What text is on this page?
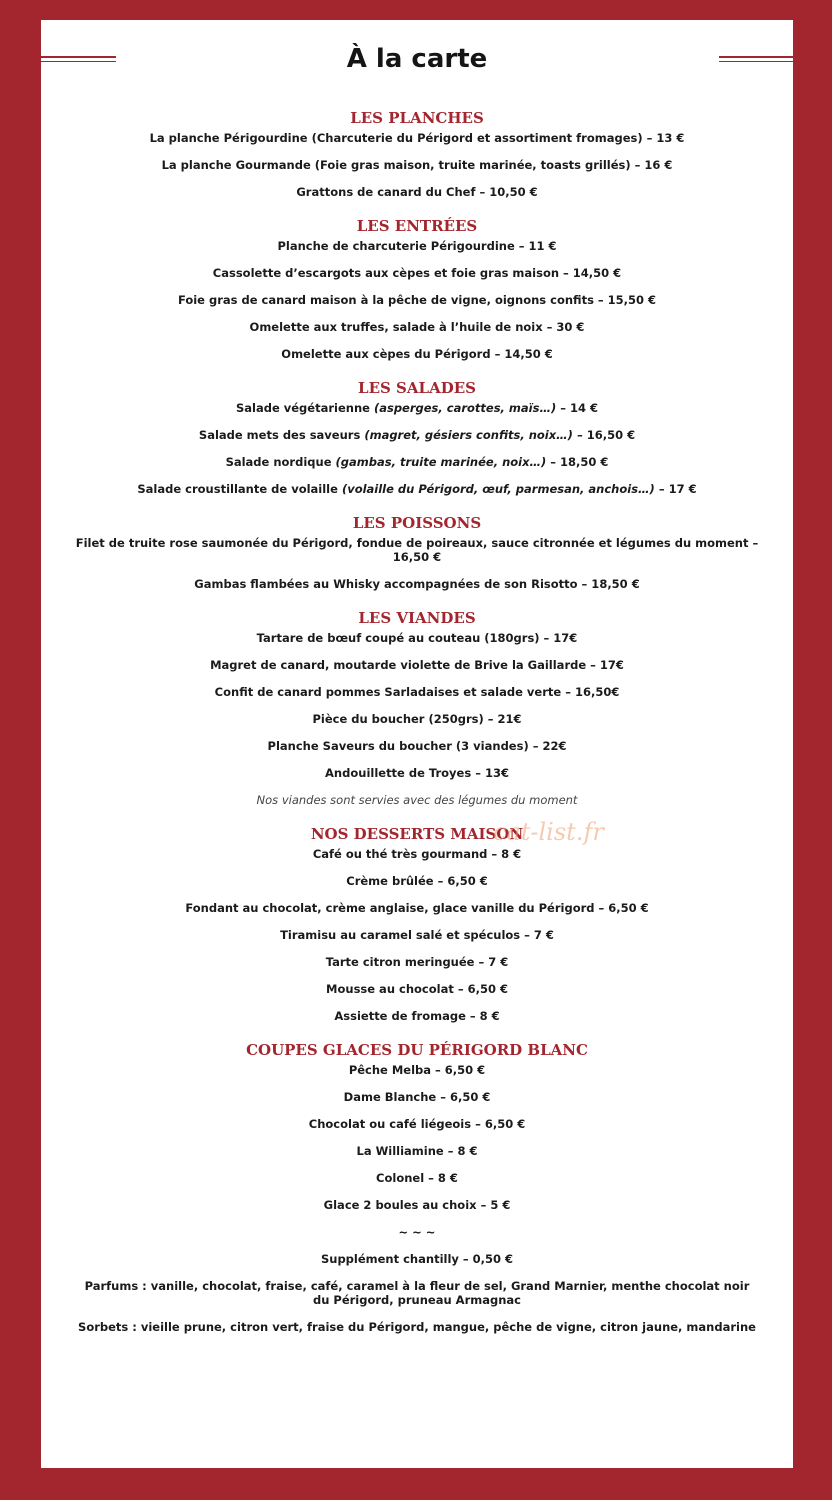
À la carte
LES PLANCHES
La planche Périgourdine (Charcuterie du Périgord et assortiment fromages) – 13 €
La planche Gourmande (Foie gras maison, truite marinée, toasts grillés) – 16 €
Grattons de canard du Chef – 10,50 €
LES ENTRÉES
Planche de charcuterie Périgourdine – 11 €
Cassolette d’escargots aux cèpes et foie gras maison – 14,50 €
Foie gras de canard maison à la pêche de vigne, oignons confits – 15,50 €
Omelette aux truffes, salade à l’huile de noix – 30 €
Omelette aux cèpes du Périgord – 14,50 €
LES SALADES
Salade végétarienne (asperges, carottes, maïs…) – 14 €
Salade mets des saveurs (magret, gésiers confits, noix…) – 16,50 €
Salade nordique (gambas, truite marinée, noix…) – 18,50 €
Salade croustillante de volaille (volaille du Périgord, œuf, parmesan, anchois…) – 17 €
LES POISSONS
Filet de truite rose saumonée du Périgord, fondue de poireaux, sauce citronnée et légumes du moment – 16,50 €
Gambas flambées au Whisky accompagnées de son Risotto – 18,50 €
LES VIANDES
Tartare de bœuf coupé au couteau (180grs) – 17€
Magret de canard, moutarde violette de Brive la Gaillarde – 17€
Confit de canard pommes Sarladaises et salade verte – 16,50€
Pièce du boucher (250grs) – 21€
Planche Saveurs du boucher (3 viandes) – 22€
Andouillette de Troyes – 13€
Nos viandes sont servies avec des légumes du moment
NOS DESSERTS MAISON
Café ou thé très gourmand – 8 €
Crème brûlée – 6,50 €
Fondant au chocolat, crème anglaise, glace vanille du Périgord – 6,50 €
Tiramisu au caramel salé et spéculos – 7 €
Tarte citron meringuée – 7 €
Mousse au chocolat – 6,50 €
Assiette de fromage – 8 €
COUPES GLACES DU PÉRIGORD BLANC
Pêche Melba – 6,50 €
Dame Blanche – 6,50 €
Chocolat ou café liégeois – 6,50 €
La Williamine – 8 €
Colonel – 8 €
Glace 2 boules au choix – 5 €
~ ~ ~
Supplément chantilly – 0,50 €
Parfums : vanille, chocolat, fraise, café, caramel à la fleur de sel, Grand Marnier, menthe chocolat noir du Périgord, pruneau Armagnac
Sorbets : vieille prune, citron vert, fraise du Périgord, mangue, pêche de vigne, citron jaune, mandarine
cat-list.fr
